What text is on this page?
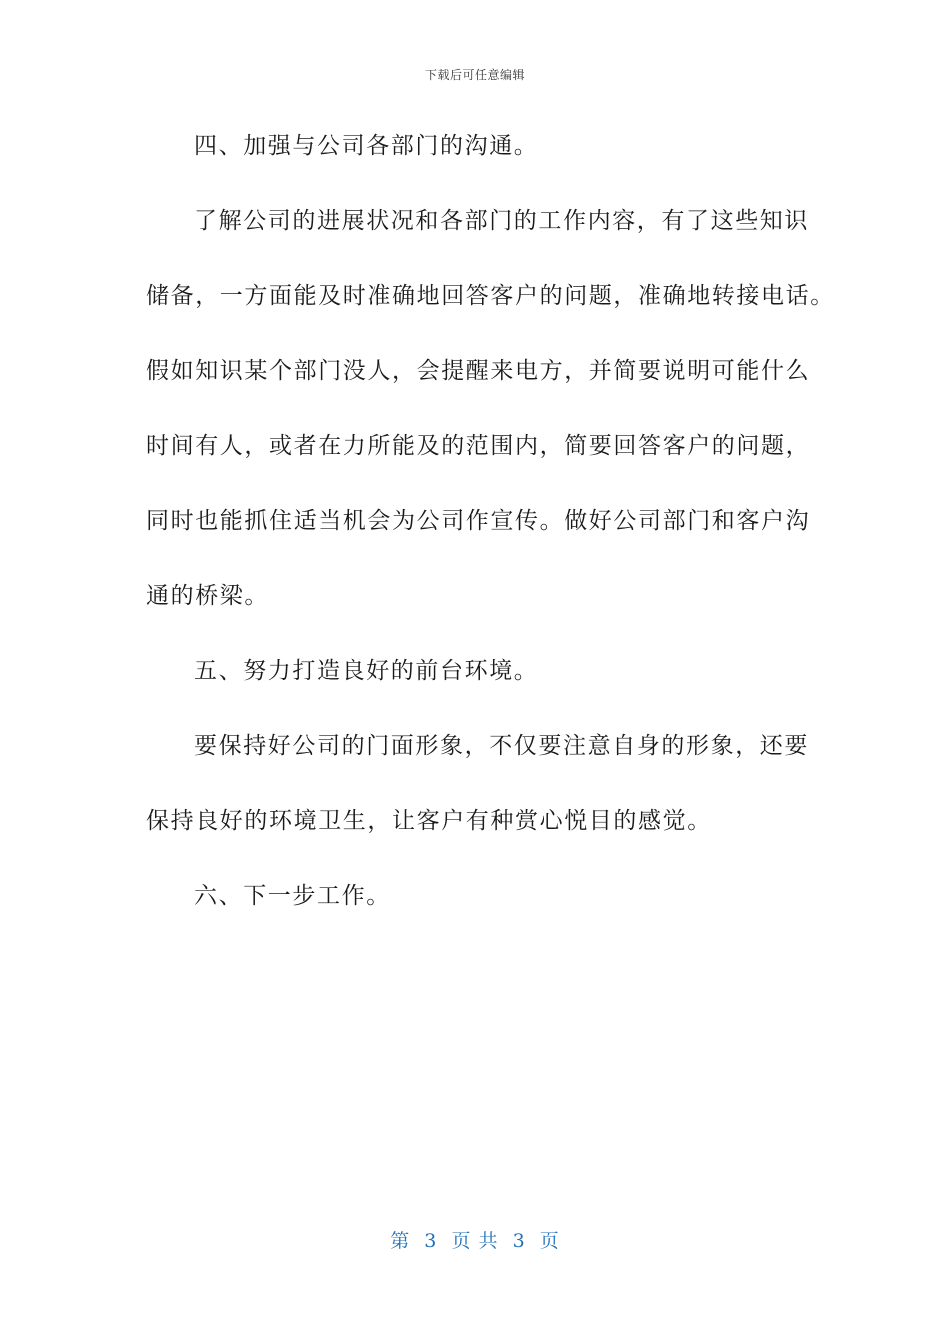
下载后可任意编辑
四、加强与公司各部门的沟通。
了解公司的进展状况和各部门的工作内容，有了这些知识
储备，一方面能及时准确地回答客户的问题，准确地转接电话。
假如知识某个部门没人，会提醒来电方，并简要说明可能什么
时间有人，或者在力所能及的范围内，简要回答客户的问题，
同时也能抓住适当机会为公司作宣传。做好公司部门和客户沟
通的桥梁。
五、努力打造良好的前台环境。
要保持好公司的门面形象，不仅要注意自身的形象，还要
保持良好的环境卫生，让客户有种赏心悦目的感觉。
六、下一步工作。
第  3  页 共  3  页
